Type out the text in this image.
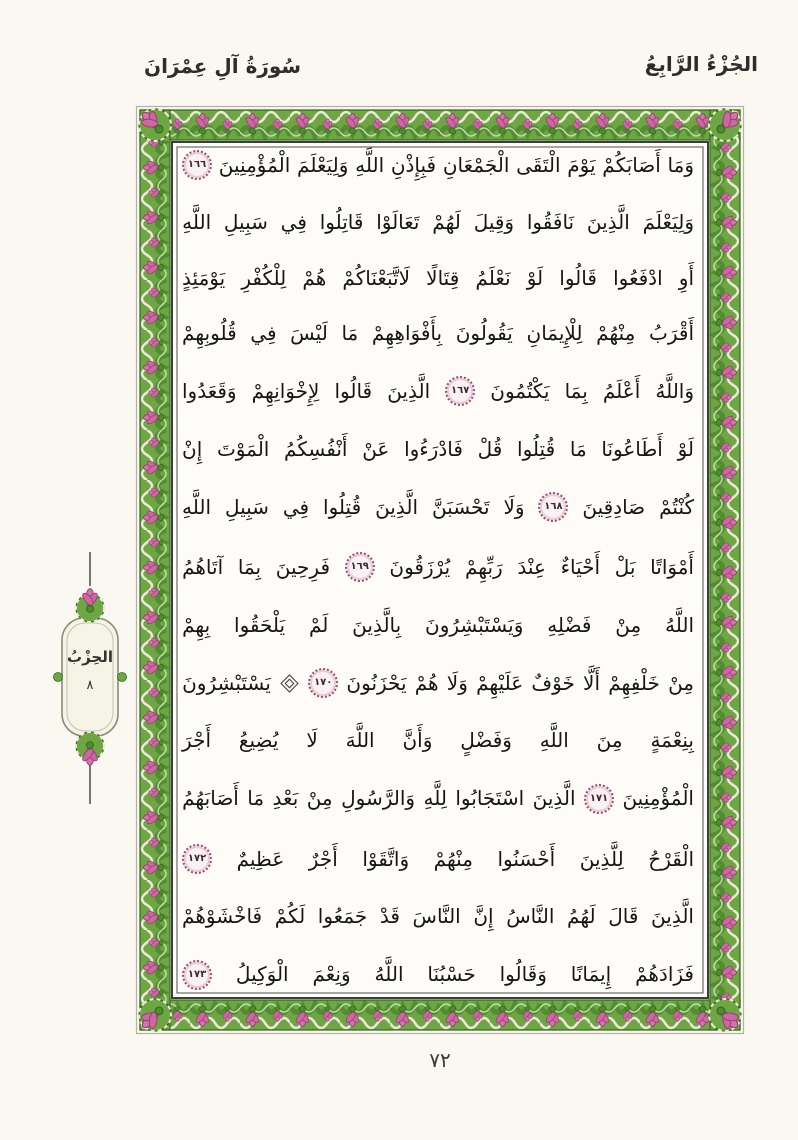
الجُزْءُ الرَّابِعُ
سُورَةُ آلِ عِمْرَانَ
وَمَا
أَصَابَكُمْ
يَوْمَ
الْتَقَى
الْجَمْعَانِ
فَبِإِذْنِ
اللَّهِ
وَلِيَعْلَمَ
الْمُؤْمِنِينَ
١٦٦
وَلِيَعْلَمَ
الَّذِينَ
نَافَقُوا
وَقِيلَ
لَهُمْ
تَعَالَوْا
قَاتِلُوا
فِي
سَبِيلِ
اللَّهِ
أَوِ
ادْفَعُوا
قَالُوا
لَوْ
نَعْلَمُ
قِتَالًا
لَاتَّبَعْنَاكُمْ
هُمْ
لِلْكُفْرِ
يَوْمَئِذٍ
أَقْرَبُ
مِنْهُمْ
لِلْإِيمَانِ
يَقُولُونَ
بِأَفْوَاهِهِمْ
مَا
لَيْسَ
فِي
قُلُوبِهِمْ
وَاللَّهُ
أَعْلَمُ
بِمَا
يَكْتُمُونَ
١٦٧
الَّذِينَ
قَالُوا
لِإِخْوَانِهِمْ
وَقَعَدُوا
لَوْ
أَطَاعُونَا
مَا
قُتِلُوا
قُلْ
فَادْرَءُوا
عَنْ
أَنْفُسِكُمُ
الْمَوْتَ
إِنْ
كُنْتُمْ
صَادِقِينَ
١٦٨
وَلَا
تَحْسَبَنَّ
الَّذِينَ
قُتِلُوا
فِي
سَبِيلِ
اللَّهِ
أَمْوَاتًا
بَلْ
أَحْيَاءٌ
عِنْدَ
رَبِّهِمْ
يُرْزَقُونَ
١٦٩
فَرِحِينَ
بِمَا
آتَاهُمُ
اللَّهُ
مِنْ
فَضْلِهِ
وَيَسْتَبْشِرُونَ
بِالَّذِينَ
لَمْ
يَلْحَقُوا
بِهِمْ
مِنْ
خَلْفِهِمْ
أَلَّا
خَوْفٌ
عَلَيْهِمْ
وَلَا
هُمْ
يَحْزَنُونَ
١٧٠
يَسْتَبْشِرُونَ
بِنِعْمَةٍ
مِنَ
اللَّهِ
وَفَضْلٍ
وَأَنَّ
اللَّهَ
لَا
يُضِيعُ
أَجْرَ
الْمُؤْمِنِينَ
١٧١
الَّذِينَ
اسْتَجَابُوا
لِلَّهِ
وَالرَّسُولِ
مِنْ
بَعْدِ
مَا
أَصَابَهُمُ
الْقَرْحُ
لِلَّذِينَ
أَحْسَنُوا
مِنْهُمْ
وَاتَّقَوْا
أَجْرٌ
عَظِيمٌ
١٧٢
الَّذِينَ
قَالَ
لَهُمُ
النَّاسُ
إِنَّ
النَّاسَ
قَدْ
جَمَعُوا
لَكُمْ
فَاخْشَوْهُمْ
فَزَادَهُمْ
إِيمَانًا
وَقَالُوا
حَسْبُنَا
اللَّهُ
وَنِعْمَ
الْوَكِيلُ
١٧٣
الحِزْبُ
٨
٧٢
